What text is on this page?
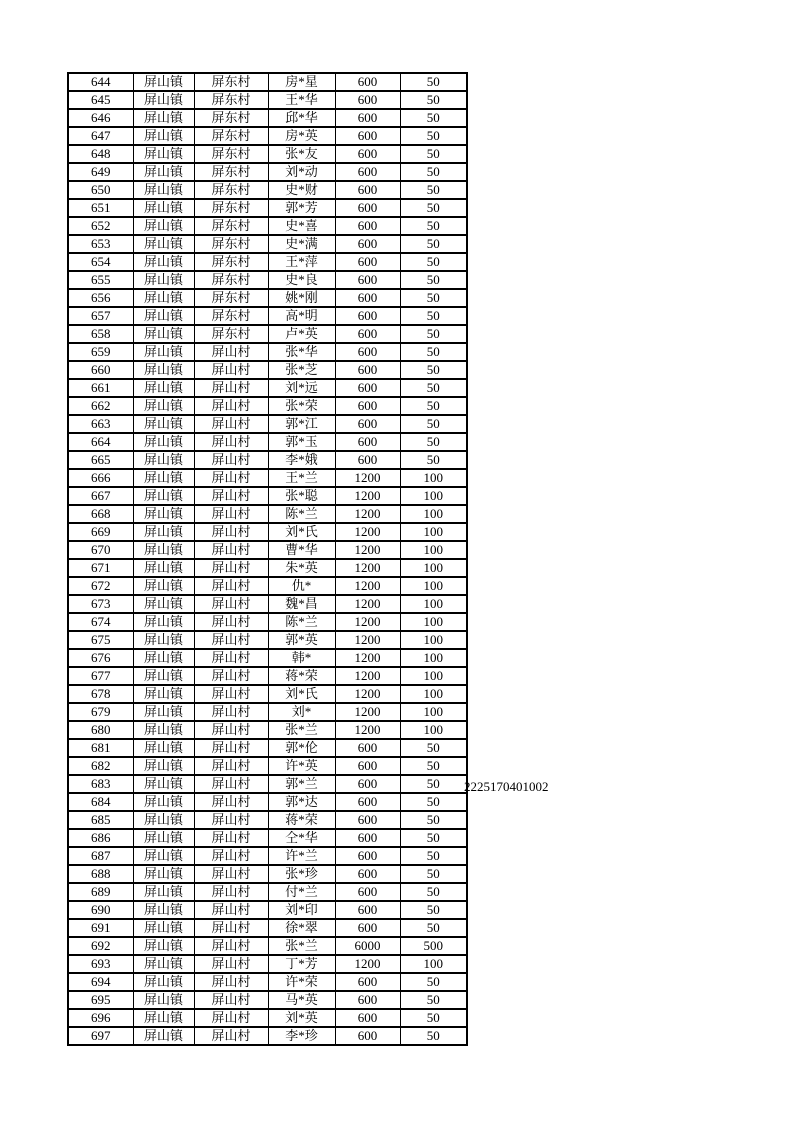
644	屏山镇	屏东村	房*星	600	50
645	屏山镇	屏东村	王*华	600	50
646	屏山镇	屏东村	邱*华	600	50
647	屏山镇	屏东村	房*英	600	50
648	屏山镇	屏东村	张*友	600	50
649	屏山镇	屏东村	刘*动	600	50
650	屏山镇	屏东村	史*财	600	50
651	屏山镇	屏东村	郭*芳	600	50
652	屏山镇	屏东村	史*喜	600	50
653	屏山镇	屏东村	史*满	600	50
654	屏山镇	屏东村	王*萍	600	50
655	屏山镇	屏东村	史*良	600	50
656	屏山镇	屏东村	姚*刚	600	50
657	屏山镇	屏东村	高*明	600	50
658	屏山镇	屏东村	卢*英	600	50
659	屏山镇	屏山村	张*华	600	50
660	屏山镇	屏山村	张*芝	600	50
661	屏山镇	屏山村	刘*远	600	50
662	屏山镇	屏山村	张*荣	600	50
663	屏山镇	屏山村	郭*江	600	50
664	屏山镇	屏山村	郭*玉	600	50
665	屏山镇	屏山村	李*娥	600	50
666	屏山镇	屏山村	王*兰	1200	100
667	屏山镇	屏山村	张*聪	1200	100
668	屏山镇	屏山村	陈*兰	1200	100
669	屏山镇	屏山村	刘*氏	1200	100
670	屏山镇	屏山村	曹*华	1200	100
671	屏山镇	屏山村	朱*英	1200	100
672	屏山镇	屏山村	仇*	1200	100
673	屏山镇	屏山村	魏*昌	1200	100
674	屏山镇	屏山村	陈*兰	1200	100
675	屏山镇	屏山村	郭*英	1200	100
676	屏山镇	屏山村	韩*	1200	100
677	屏山镇	屏山村	蒋*荣	1200	100
678	屏山镇	屏山村	刘*氏	1200	100
679	屏山镇	屏山村	刘*	1200	100
680	屏山镇	屏山村	张*兰	1200	100
681	屏山镇	屏山村	郭*伦	600	50
682	屏山镇	屏山村	许*英	600	50
683	屏山镇	屏山村	郭*兰	600	50
684	屏山镇	屏山村	郭*达	600	50
685	屏山镇	屏山村	蒋*荣	600	50
686	屏山镇	屏山村	仝*华	600	50
687	屏山镇	屏山村	许*兰	600	50
688	屏山镇	屏山村	张*珍	600	50
689	屏山镇	屏山村	付*兰	600	50
690	屏山镇	屏山村	刘*印	600	50
691	屏山镇	屏山村	徐*翠	600	50
692	屏山镇	屏山村	张*兰	6000	500
693	屏山镇	屏山村	丁*芳	1200	100
694	屏山镇	屏山村	许*荣	600	50
695	屏山镇	屏山村	马*英	600	50
696	屏山镇	屏山村	刘*英	600	50
697	屏山镇	屏山村	李*珍	600	50
2225170401002
